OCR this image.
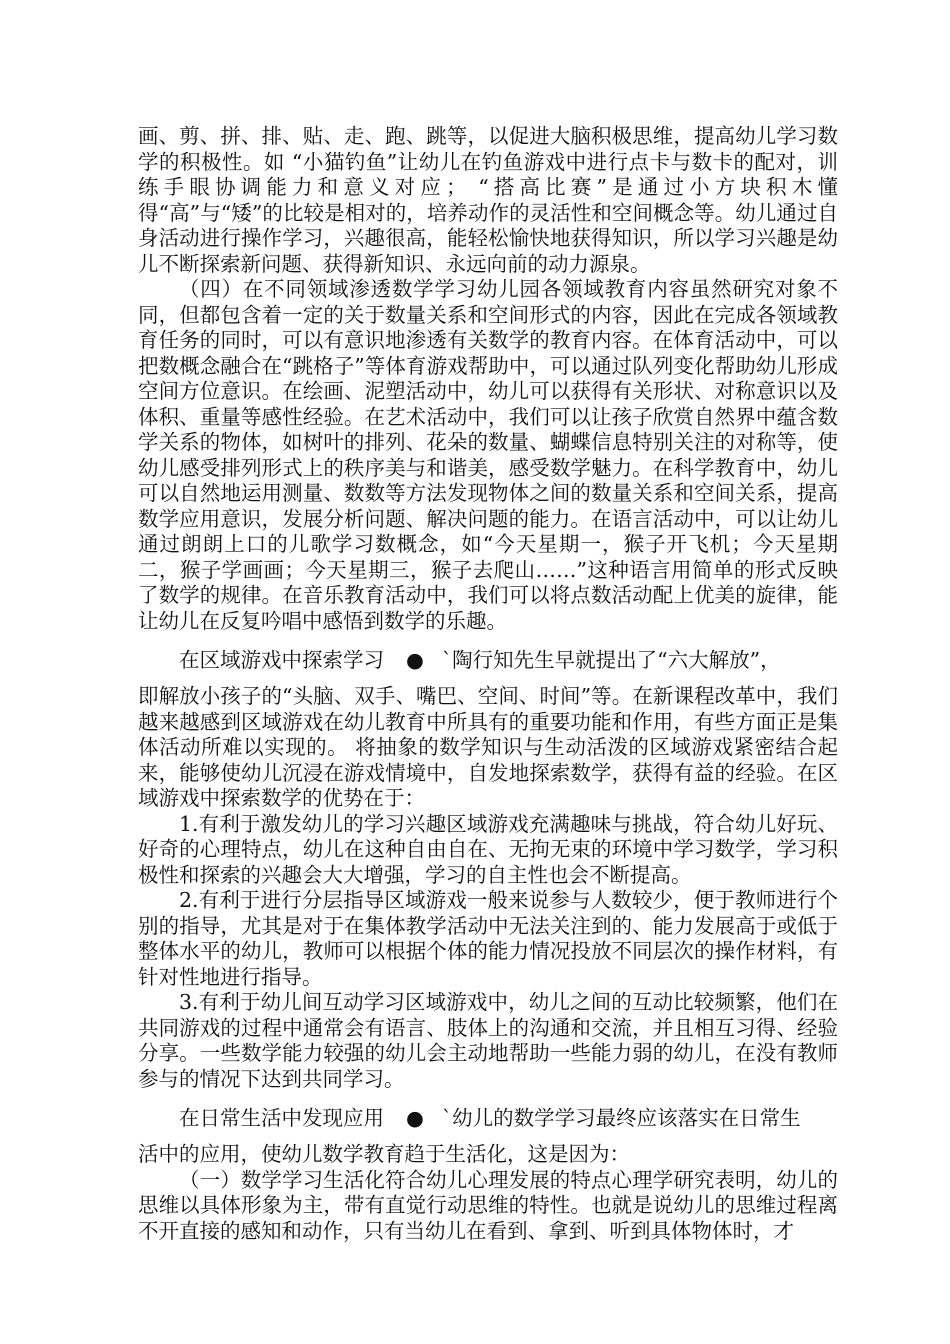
画、剪、拼、排、贴、走、跑、跳等，以促进大脑积极思维，提高幼儿学习数学的积极性。如 “小猫钓鱼”让幼儿在钓鱼游戏中进行点卡与数卡的配对，训练手眼协调能力和意义对应； “搭高比赛”是通过小方块积木懂得“高”与“矮”的比较是相对的，培养动作的灵活性和空间概念等。幼儿通过自身活动进行操作学习，兴趣很高，能轻松愉快地获得知识，所以学习兴趣是幼儿不断探索新问题、获得新知识、永远向前的动力源泉。

（四）在不同领域渗透数学学习幼儿园各领域教育内容虽然研究对象不同，但都包含着一定的关于数量关系和空间形式的内容，因此在完成各领域教育任务的同时，可以有意识地渗透有关数学的教育内容。在体育活动中，可以把数概念融合在“跳格子”等体育游戏帮助中，可以通过队列变化帮助幼儿形成空间方位意识。在绘画、泥塑活动中，幼儿可以获得有关形状、对称意识以及体积、重量等感性经验。在艺术活动中，我们可以让孩子欣赏自然界中蕴含数学关系的物体，如树叶的排列、花朵的数量、蝴蝶信息特别关注的对称等，使幼儿感受排列形式上的秩序美与和谐美，感受数学魅力。在科学教育中，幼儿可以自然地运用测量、数数等方法发现物体之间的数量关系和空间关系，提高数学应用意识，发展分析问题、解决问题的能力。在语言活动中，可以让幼儿通过朗朗上口的儿歌学习数概念，如“今天星期一，猴子开飞机；今天星期二，猴子学画画；今天星期三，猴子去爬山……”这种语言用简单的形式反映了数学的规律。在音乐教育活动中，我们可以将点数活动配上优美的旋律，能让幼儿在反复吟唱中感悟到数学的乐趣。

在区域游戏中探索学习 ● `陶行知先生早就提出了“六大解放”，

即解放小孩子的“头脑、双手、嘴巴、空间、时间”等。在新课程改革中，我们越来越感到区域游戏在幼儿教育中所具有的重要功能和作用，有些方面正是集体活动所难以实现的。 将抽象的数学知识与生动活泼的区域游戏紧密结合起来，能够使幼儿沉浸在游戏情境中，自发地探索数学，获得有益的经验。在区域游戏中探索数学的优势在于：

1.有利于激发幼儿的学习兴趣区域游戏充满趣味与挑战，符合幼儿好玩、好奇的心理特点，幼儿在这种自由自在、无拘无束的环境中学习数学，学习积极性和探索的兴趣会大大增强，学习的自主性也会不断提高。

2.有利于进行分层指导区域游戏一般来说参与人数较少，便于教师进行个别的指导，尤其是对于在集体教学活动中无法关注到的、能力发展高于或低于整体水平的幼儿，教师可以根据个体的能力情况投放不同层次的操作材料，有针对性地进行指导。

3.有利于幼儿间互动学习区域游戏中，幼儿之间的互动比较频繁，他们在共同游戏的过程中通常会有语言、肢体上的沟通和交流，并且相互习得、经验分享。一些数学能力较强的幼儿会主动地帮助一些能力弱的幼儿，在没有教师参与的情况下达到共同学习。

在日常生活中发现应用 ● `幼儿的数学学习最终应该落实在日常生

活中的应用，使幼儿数学教育趋于生活化，这是因为：

（一）数学学习生活化符合幼儿心理发展的特点心理学研究表明，幼儿的思维以具体形象为主，带有直觉行动思维的特性。也就是说幼儿的思维过程离不开直接的感知和动作，只有当幼儿在看到、拿到、听到具体物体时，才
